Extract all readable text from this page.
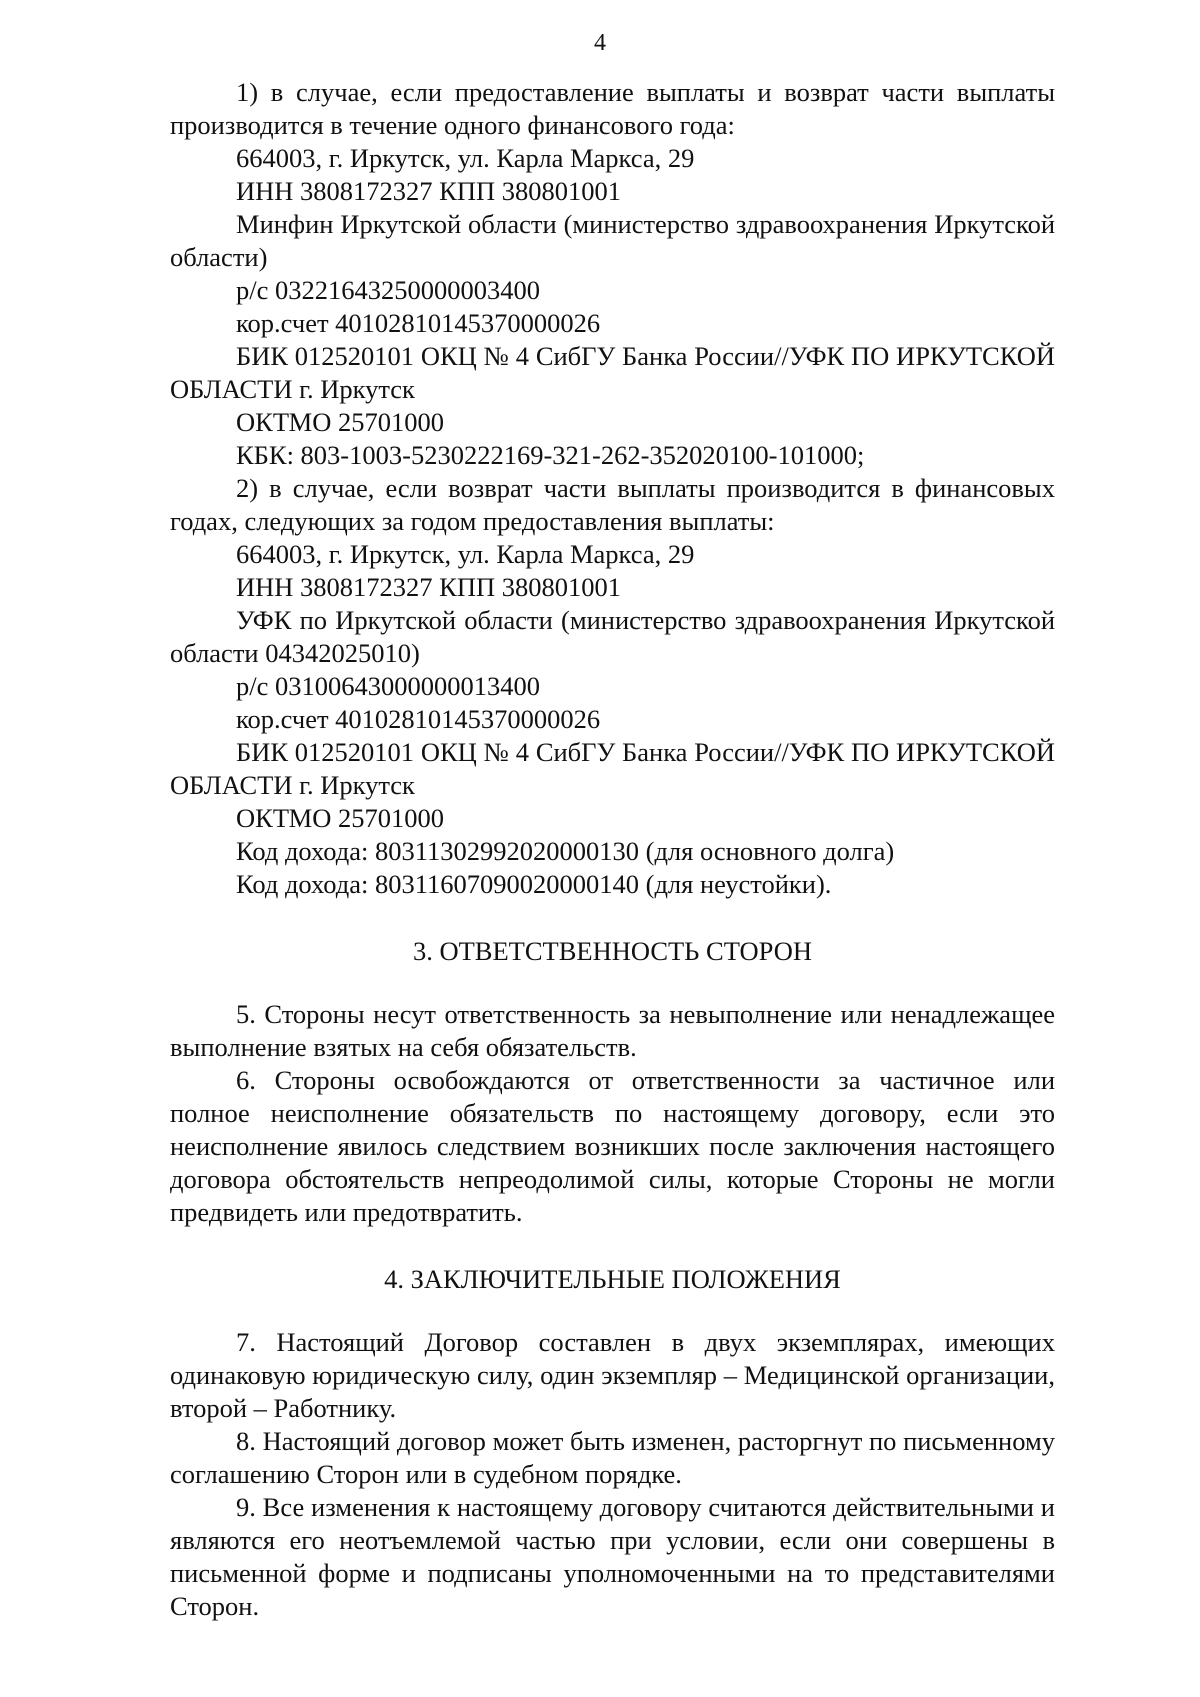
4

1) в случае, если предоставление выплаты и возврат части выплаты производится в течение одного финансового года:

664003, г. Иркутск, ул. Карла Маркса, 29

ИНН 3808172327 КПП 380801001

Минфин Иркутской области (министерство здравоохранения Иркутской области)

р/с 03221643250000003400

кор.счет 40102810145370000026

БИК 012520101 ОКЦ № 4 СибГУ Банка России//УФК ПО ИРКУТСКОЙ ОБЛАСТИ г. Иркутск

ОКТМО 25701000

КБК: 803-1003-5230222169-321-262-352020100-101000;

2) в случае, если возврат части выплаты производится в финансовых годах, следующих за годом предоставления выплаты:

664003, г. Иркутск, ул. Карла Маркса, 29

ИНН 3808172327 КПП 380801001

УФК по Иркутской области (министерство здравоохранения Иркутской области 04342025010)

р/с 03100643000000013400

кор.счет 40102810145370000026

БИК 012520101 ОКЦ № 4 СибГУ Банка России//УФК ПО ИРКУТСКОЙ ОБЛАСТИ г. Иркутск

ОКТМО 25701000

Код дохода: 80311302992020000130 (для основного долга)

Код дохода: 80311607090020000140 (для неустойки).

3. ОТВЕТСТВЕННОСТЬ СТОРОН

5. Стороны несут ответственность за невыполнение или ненадлежащее выполнение взятых на себя обязательств.

6. Стороны освобождаются от ответственности за частичное или полное неисполнение обязательств по настоящему договору, если это неисполнение явилось следствием возникших после заключения настоящего договора обстоятельств непреодолимой силы, которые Стороны не могли предвидеть или предотвратить.

4. ЗАКЛЮЧИТЕЛЬНЫЕ ПОЛОЖЕНИЯ

7. Настоящий Договор составлен в двух экземплярах, имеющих одинаковую юридическую силу, один экземпляр – Медицинской организации, второй – Работнику.

8. Настоящий договор может быть изменен, расторгнут по письменному соглашению Сторон или в судебном порядке.

9. Все изменения к настоящему договору считаются действительными и являются его неотъемлемой частью при условии, если они совершены в письменной форме и подписаны уполномоченными на то представителями Сторон.
